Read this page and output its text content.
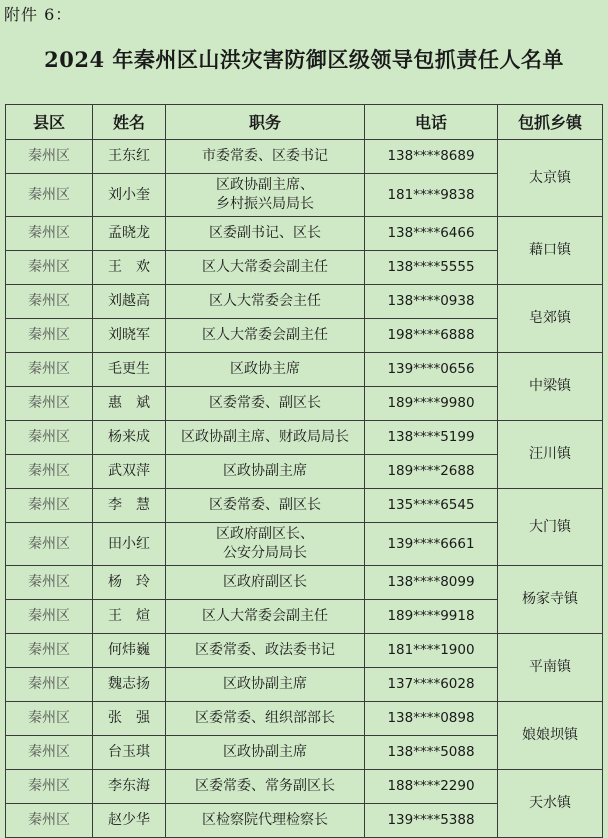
附件 6：
2024 年秦州区山洪灾害防御区级领导包抓责任人名单
县区	姓名	职务	电话	包抓乡镇
秦州区	王东红	市委常委、区委书记	138****8689	太京镇
秦州区	刘小奎	区政协副主席、
乡村振兴局局长	181****9838	
秦州区	孟晓龙	区委副书记、区长	138****6466	藉口镇
秦州区	王　欢	区人大常委会副主任	138****5555	
秦州区	刘越高	区人大常委会主任	138****0938	皂郊镇
秦州区	刘晓军	区人大常委会副主任	198****6888	
秦州区	毛更生	区政协主席	139****0656	中梁镇
秦州区	惠　斌	区委常委、副区长	189****9980	
秦州区	杨来成	区政协副主席、财政局局长	138****5199	汪川镇
秦州区	武双萍	区政协副主席	189****2688	
秦州区	李　慧	区委常委、副区长	135****6545	大门镇
秦州区	田小红	区政府副区长、
公安分局局长	139****6661	
秦州区	杨　玲	区政府副区长	138****8099	杨家寺镇
秦州区	王　煊	区人大常委会副主任	189****9918	
秦州区	何炜巍	区委常委、政法委书记	181****1900	平南镇
秦州区	魏志扬	区政协副主席	137****6028	
秦州区	张　强	区委常委、组织部部长	138****0898	娘娘坝镇
秦州区	台玉琪	区政协副主席	138****5088	
秦州区	李东海	区委常委、常务副区长	188****2290	天水镇
秦州区	赵少华	区检察院代理检察长	139****5388	
